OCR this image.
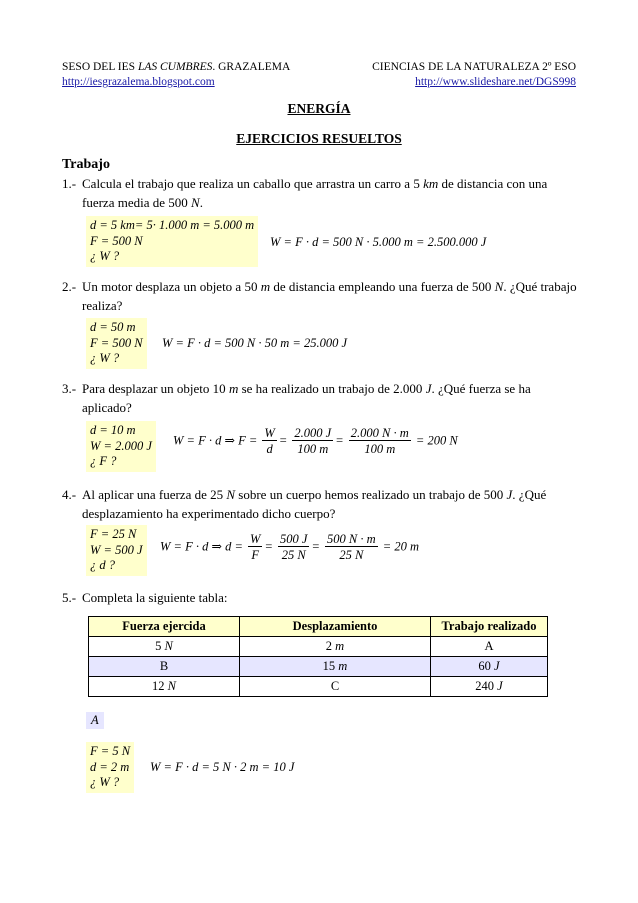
SESO DEL IES LAS CUMBRES. GRAZALEMA
http://iesgrazalema.blogspot.com
CIENCIAS DE LA NATURALEZA 2º ESO
http://www.slideshare.net/DGS998
ENERGÍA
EJERCICIOS RESUELTOS
Trabajo
1.- Calcula el trabajo que realiza un caballo que arrastra un carro a 5 km de distancia con una fuerza media de 500 N.
d = 5 km= 5· 1.000 m = 5.000 m
F = 500 N
¿ W ?
W = F · d = 500 N · 5.000 m = 2.500.000 J
2.- Un motor desplaza un objeto a 50 m de distancia empleando una fuerza de 500 N. ¿Qué trabajo realiza?
d = 50 m
F = 500 N
¿ W ?
W = F · d = 500 N · 50 m = 25.000 J
3.- Para desplazar un objeto 10 m se ha realizado un trabajo de 2.000 J. ¿Qué fuerza se ha aplicado?
d = 10 m
W = 2.000 J
¿ F ?
W = F · d ⇒ $F = \frac{W}{d} = \frac{2.000 J}{100 m} = \frac{2.000 N \cdot m}{100 m} = 200$ N
4.- Al aplicar una fuerza de 25 N sobre un cuerpo hemos realizado un trabajo de 500 J. ¿Qué desplazamiento ha experimentado dicho cuerpo?
F = 25 N
W = 500 J
¿ d ?
W = F · d ⇒ $d = \frac{W}{F} = \frac{500 J}{25 N} = \frac{500 N \cdot m}{25 N} = 20$ m
5.- Completa la siguiente tabla:
Fuerza ejercida	Desplazamiento	Trabajo realizado
5 N	2 m	A
B	15 m	60 J
12 N	C	240 J
A
F = 5 N
d = 2 m
¿ W ?
W = F · d = 5 N · 2 m = 10 J
